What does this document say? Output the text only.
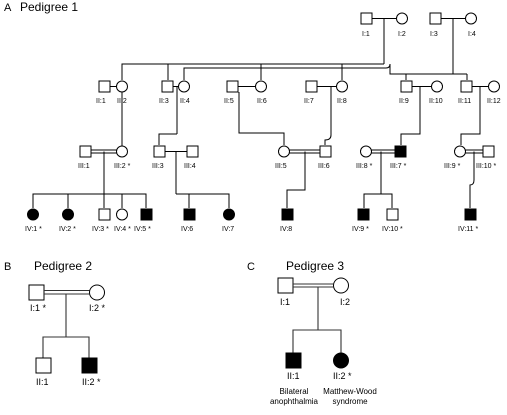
A Pedigree 1
I:1	I:2	I:3	I:4
II:1 II:2	II:3 II:4	II:5	II:6	II:7	II:8	II:9	II:10 II:11 II:12
III:1	III:2 *	III:3	III:4	III:5	III:6	III:8 *	III:7 *	III:9 * III:10 *
IV:1 * IV:2 * IV:3 * IV:4 * IV:5 *	IV:6	IV:7	IV:8	IV:9 * IV:10 *	IV:11 *
B Pedigree 2
I:1 *	I:2 *
II:1	II:2 *
C	Pedigree 3
I:1	I:2
II:1	II:2 *
Bilateral
anophthalmia
Matthew-Wood
syndrome
